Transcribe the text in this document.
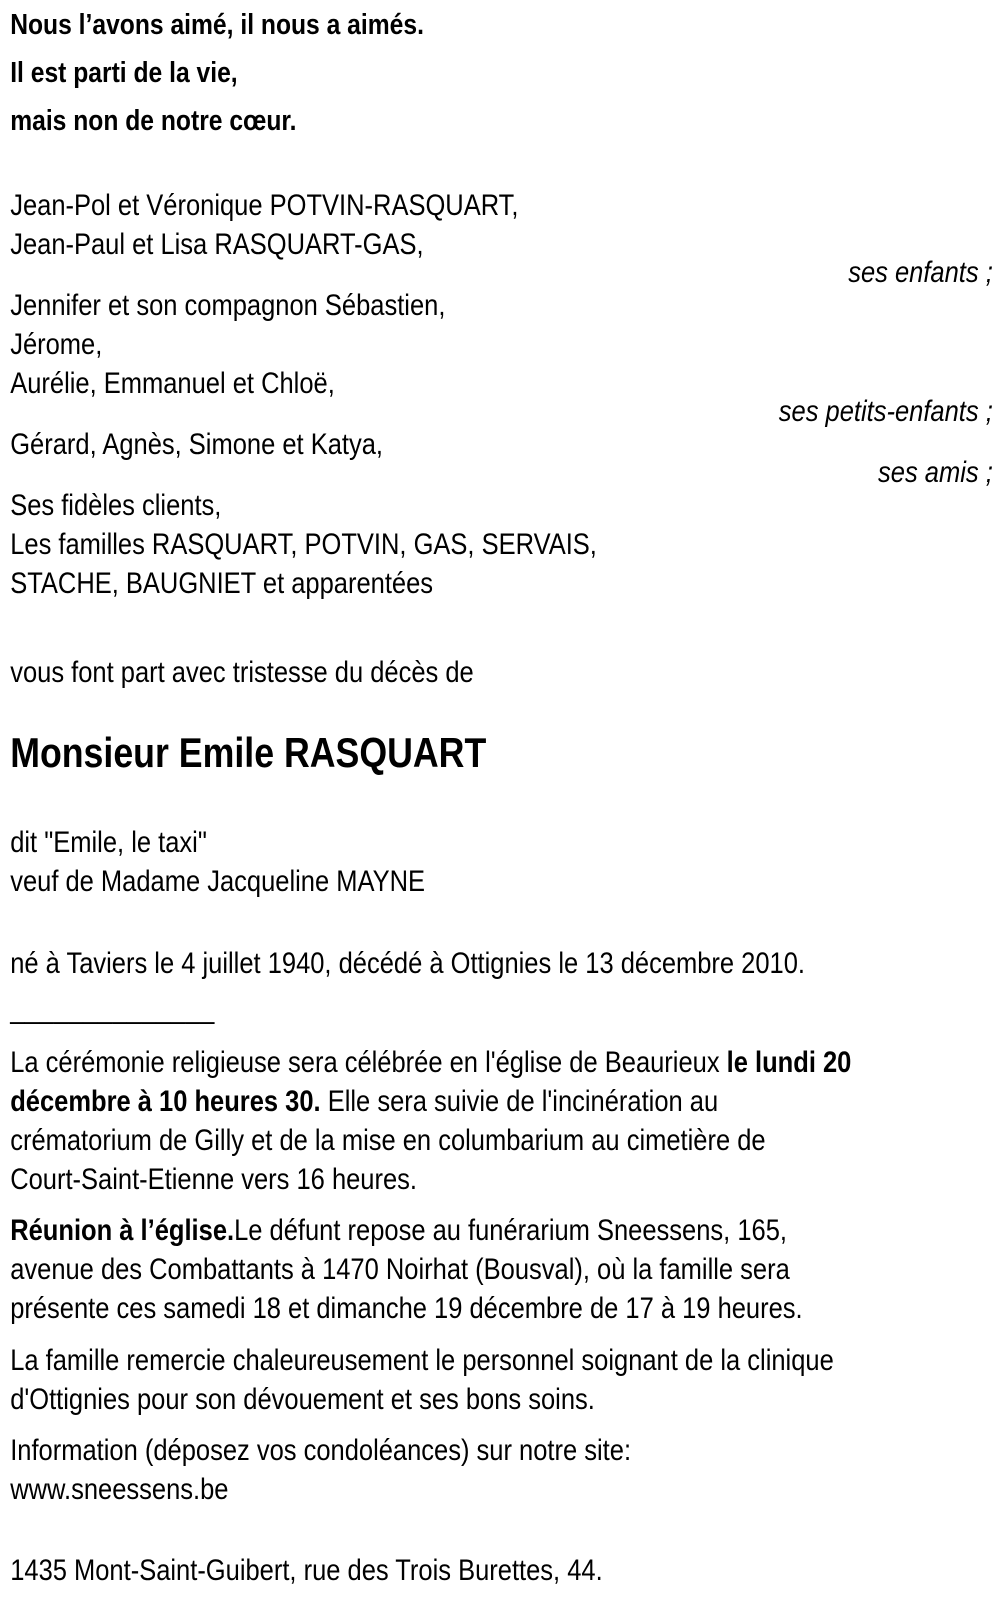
Nous l’avons aimé, il nous a aimés.
Il est parti de la vie,
mais non de notre cœur.
Jean-Pol et Véronique POTVIN-RASQUART,
Jean-Paul et Lisa RASQUART-GAS,
ses enfants ;
Jennifer et son compagnon Sébastien,
Jérome,
Aurélie, Emmanuel et Chloë,
ses petits-enfants ;
Gérard, Agnès, Simone et Katya,
ses amis ;
Ses fidèles clients,
Les familles RASQUART, POTVIN, GAS, SERVAIS,
STACHE, BAUGNIET et apparentées
vous font part avec tristesse du décès de
Monsieur Emile RASQUART
dit "Emile, le taxi"
veuf de Madame Jacqueline MAYNE
né à Taviers le 4 juillet 1940, décédé à Ottignies le 13 décembre 2010.
______________
La cérémonie religieuse sera célébrée en l'église de Beaurieux le lundi 20
décembre à 10 heures 30. Elle sera suivie de l'incinération au
crématorium de Gilly et de la mise en columbarium au cimetière de
Court-Saint-Etienne vers 16 heures.
Réunion à l’église.Le défunt repose au funérarium Sneessens, 165,
avenue des Combattants à 1470 Noirhat (Bousval), où la famille sera
présente ces samedi 18 et dimanche 19 décembre de 17 à 19 heures.
La famille remercie chaleureusement le personnel soignant de la clinique
d'Ottignies pour son dévouement et ses bons soins.
Information (déposez vos condoléances) sur notre site:
www.sneessens.be
1435 Mont-Saint-Guibert, rue des Trois Burettes, 44.
